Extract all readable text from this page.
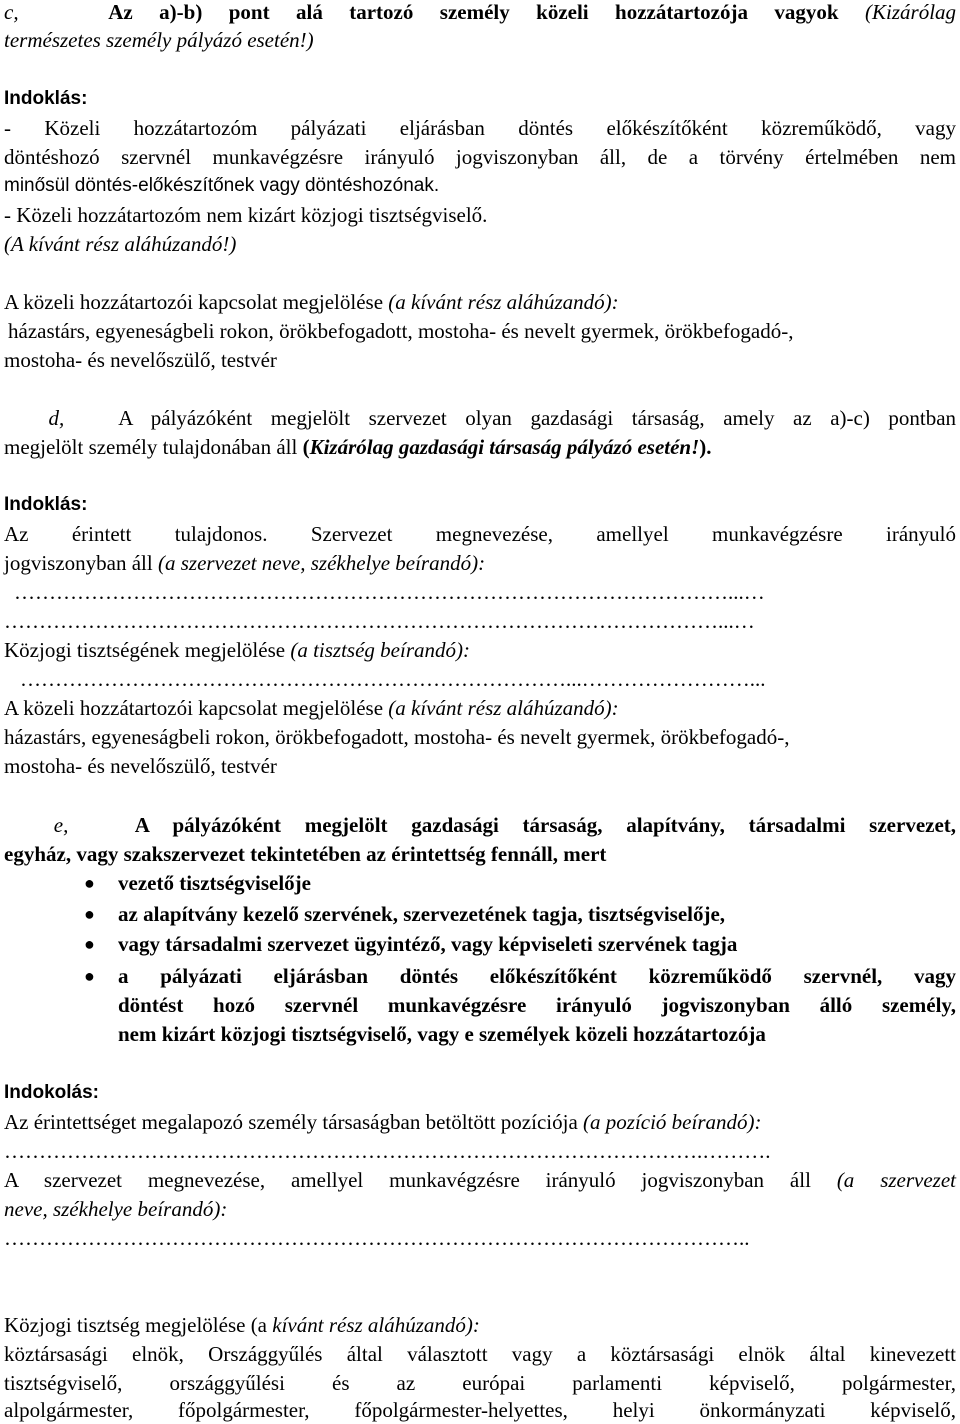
c,	Az a)-b) pont alá tartozó személy közeli hozzátartozója vagyok (Kizárólag
természetes személy pályázó esetén!)
Indoklás:
- Közeli hozzátartozóm pályázati eljárásban döntés előkészítőként közreműködő, vagy
döntéshozó szervnél munkavégzésre irányuló jogviszonyban áll, de a törvény értelmében nem
minősül döntés-előkészítőnek vagy döntéshozónak.
- Közeli hozzátartozóm nem kizárt közjogi tisztségviselő.
(A kívánt rész aláhúzandó!)
A közeli hozzátartozói kapcsolat megjelölése (a kívánt rész aláhúzandó):
házastárs, egyeneságbeli rokon, örökbefogadott, mostoha- és nevelt gyermek, örökbefogadó-,
mostoha- és nevelőszülő, testvér
d,	A pályázóként megjelölt szervezet olyan gazdasági társaság, amely az a)-c) pontban
megjelölt személy tulajdonában áll (Kizárólag gazdasági társaság pályázó esetén!).
Indoklás:
Az érintett tulajdonos. Szervezet megnevezése, amellyel munkavégzésre irányuló
jogviszonyban áll (a szervezet neve, székhelye beírandó):
…………………………………………………………………………………………...…
…………………………………………………………………………………………...…
Közjogi tisztségének megjelölése (a tisztség beírandó):
……………………………………………………………………...……………………...
A közeli hozzátartozói kapcsolat megjelölése (a kívánt rész aláhúzandó):
házastárs, egyeneságbeli rokon, örökbefogadott, mostoha- és nevelt gyermek, örökbefogadó-,
mostoha- és nevelőszülő, testvér
e,	A pályázóként megjelölt gazdasági társaság, alapítvány, társadalmi szervezet,
egyház, vagy szakszervezet tekintetében az érintettség fennáll, mert
● vezető tisztségviselője
● az alapítvány kezelő szervének, szervezetének tagja, tisztségviselője,
● vagy társadalmi szervezet ügyintéző, vagy képviseleti szervének tagja
● a pályázati eljárásban döntés előkészítőként közreműködő szervnél, vagy
döntést hozó szervnél munkavégzésre irányuló jogviszonyban álló személy,
nem kizárt közjogi tisztségviselő, vagy e személyek közeli hozzátartozója
Indokolás:
Az érintettséget megalapozó személy társaságban betöltött pozíciója (a pozíció beírandó):
……………………………………………………………………………………….……….
A szervezet megnevezése, amellyel munkavégzésre irányuló jogviszonyban áll (a szervezet
neve, székhelye beírandó):
……………………………………………………………………………………………..
Közjogi tisztség megjelölése (a kívánt rész aláhúzandó):
köztársasági elnök, Országgyűlés által választott vagy a köztársasági elnök által kinevezett
tisztségviselő, országgyűlési és az európai parlamenti képviselő, polgármester,
alpolgármester, főpolgármester, főpolgármester-helyettes, helyi önkormányzati képviselő,
